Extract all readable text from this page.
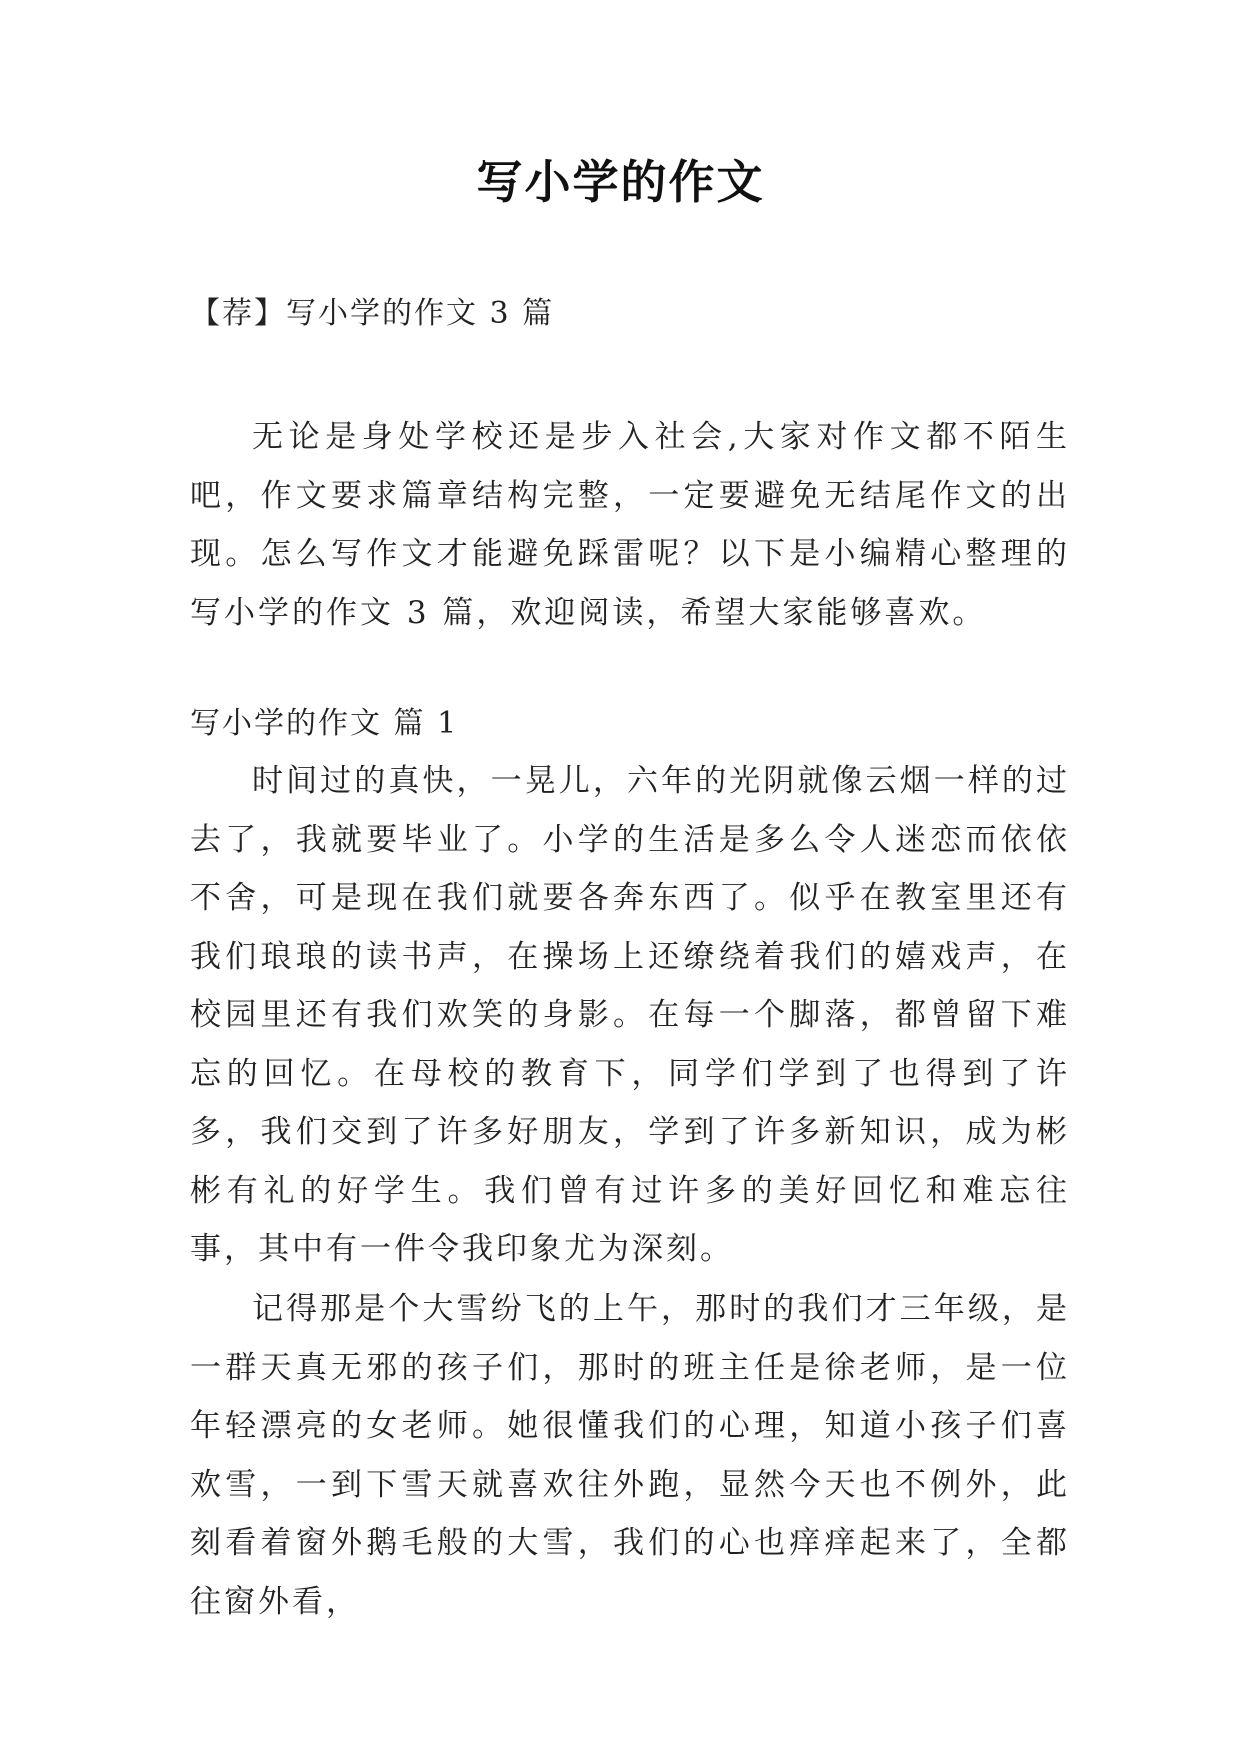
写小学的作文
【荐】写小学的作文 3 篇

无论是身处学校还是步入社会,大家对作文都不陌生吧，作文要求篇章结构完整，一定要避免无结尾作文的出现。怎么写作文才能避免踩雷呢？以下是小编精心整理的写小学的作文 3 篇，欢迎阅读，希望大家能够喜欢。

写小学的作文 篇 1

时间过的真快，一晃儿，六年的光阴就像云烟一样的过去了，我就要毕业了。小学的生活是多么令人迷恋而依依不舍，可是现在我们就要各奔东西了。似乎在教室里还有我们琅琅的读书声，在操场上还缭绕着我们的嬉戏声，在校园里还有我们欢笑的身影。在每一个脚落，都曾留下难忘的回忆。在母校的教育下，同学们学到了也得到了许多，我们交到了许多好朋友，学到了许多新知识，成为彬彬有礼的好学生。我们曾有过许多的美好回忆和难忘往事，其中有一件令我印象尤为深刻。

记得那是个大雪纷飞的上午，那时的我们才三年级，是一群天真无邪的孩子们，那时的班主任是徐老师，是一位年轻漂亮的女老师。她很懂我们的心理，知道小孩子们喜欢雪，一到下雪天就喜欢往外跑，显然今天也不例外，此刻看着窗外鹅毛般的大雪，我们的心也痒痒起来了，全都往窗外看，
